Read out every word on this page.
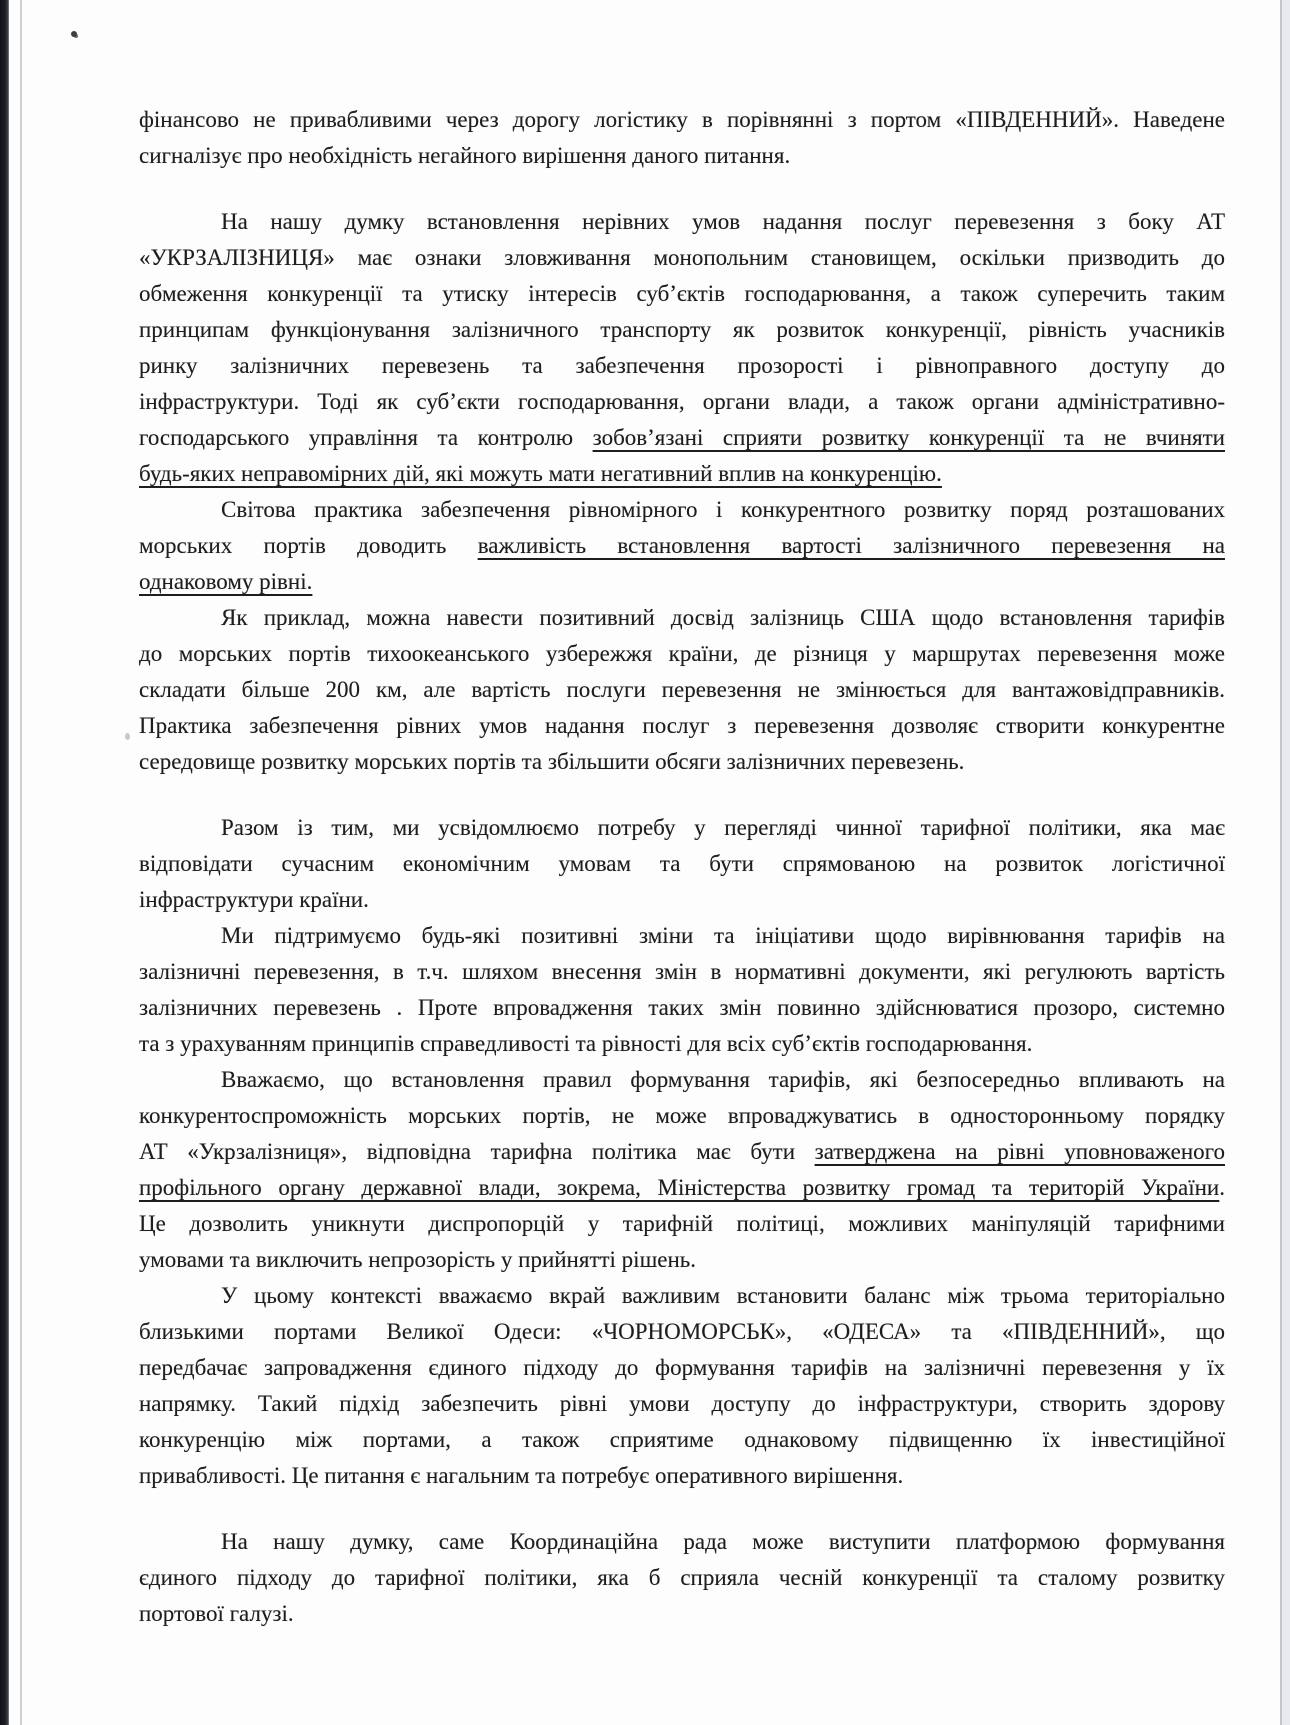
фінансово не привабливими через дорогу логістику в порівнянні з портом «ПІВДЕННИЙ». Наведене
сигналізує про необхідність негайного вирішення даного питання.
На нашу думку встановлення нерівних умов надання послуг перевезення з боку АТ
«УКРЗАЛІЗНИЦЯ» має ознаки зловживання монопольним становищем, оскільки призводить до
обмеження конкуренції та утиску інтересів суб’єктів господарювання, а також суперечить таким
принципам функціонування залізничного транспорту як розвиток конкуренції, рівність учасників
ринку залізничних перевезень та забезпечення прозорості і рівноправного доступу до
інфраструктури. Тоді як суб’єкти господарювання, органи влади, а також органи адміністративно-
господарського управління та контролю зобов’язані сприяти розвитку конкуренції та не вчиняти
будь-яких неправомірних дій, які можуть мати негативний вплив на конкуренцію.
Світова практика забезпечення рівномірного і конкурентного розвитку поряд розташованих
морських портів доводить важливість встановлення вартості залізничного перевезення на
однаковому рівні.
Як приклад, можна навести позитивний досвід залізниць США щодо встановлення тарифів
до морських портів тихоокеанського узбережжя країни, де різниця у маршрутах перевезення може
складати більше 200 км, але вартість послуги перевезення не змінюється для вантажовідправників.
Практика забезпечення рівних умов надання послуг з перевезення дозволяє створити конкурентне
середовище розвитку морських портів та збільшити обсяги залізничних перевезень.
Разом із тим, ми усвідомлюємо потребу у перегляді чинної тарифної політики, яка має
відповідати сучасним економічним умовам та бути спрямованою на розвиток логістичної
інфраструктури країни.
Ми підтримуємо будь-які позитивні зміни та ініціативи щодо вирівнювання тарифів на
залізничні перевезення, в т.ч. шляхом внесення змін в нормативні документи, які регулюють вартість
залізничних перевезень . Проте впровадження таких змін повинно здійснюватися прозоро, системно
та з урахуванням принципів справедливості та рівності для всіх суб’єктів господарювання.
Вважаємо, що встановлення правил формування тарифів, які безпосередньо впливають на
конкурентоспроможність морських портів, не може впроваджуватись в односторонньому порядку
АТ «Укрзалізниця», відповідна тарифна політика має бути затверджена на рівні уповноваженого
профільного органу державної влади, зокрема, Міністерства розвитку громад та територій України.
Це дозволить уникнути диспропорцій у тарифній політиці, можливих маніпуляцій тарифними
умовами та виключить непрозорість у прийнятті рішень.
У цьому контексті вважаємо вкрай важливим встановити баланс між трьома територіально
близькими портами Великої Одеси: «ЧОРНОМОРСЬК», «ОДЕСА» та «ПІВДЕННИЙ», що
передбачає запровадження єдиного підходу до формування тарифів на залізничні перевезення у їх
напрямку. Такий підхід забезпечить рівні умови доступу до інфраструктури, створить здорову
конкуренцію між портами, а також сприятиме однаковому підвищенню їх інвестиційної
привабливості. Це питання є нагальним та потребує оперативного вирішення.
На нашу думку, саме Координаційна рада може виступити платформою формування
єдиного підходу до тарифної політики, яка б сприяла чесній конкуренції та сталому розвитку
портової галузі.
